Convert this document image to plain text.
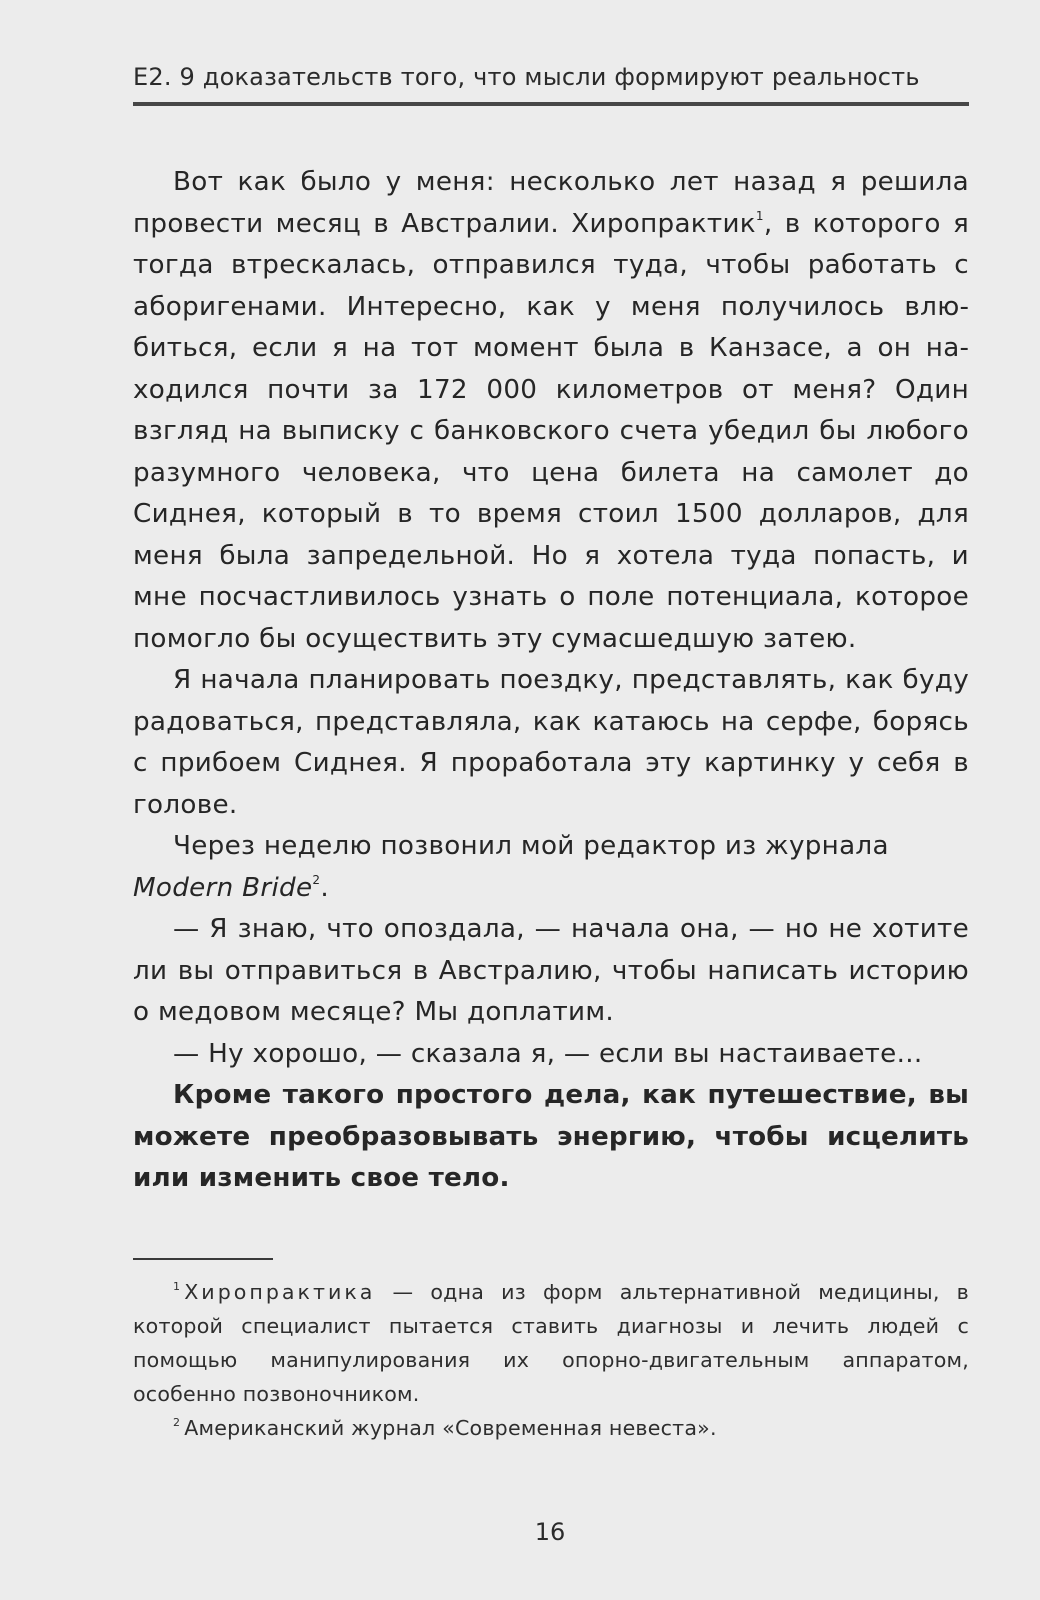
Е2. 9 доказательств того, что мысли формируют реальность

Вот как было у меня: несколько лет назад я решила провести месяц в Австралии. Хиропрактик$^1$, в которого я тогда втрескалась, отправился туда, чтобы работать с аборигенами. Интересно, как у меня получилось влюбиться, если я на тот момент была в Канзасе, а он находился почти за 172 000 километров от меня? Один взгляд на выписку с банковского счета убедил бы любого разумного человека, что цена билета на самолет до Сиднея, который в то время стоил 1500 долларов, для меня была запредельной. Но я хотела туда попасть, и мне посчастливилось узнать о поле потенциала, которое помогло бы осуществить эту сумасшедшую затею.

Я начала планировать поездку, представлять, как буду радоваться, представляла, как катаюсь на серфе, борясь с прибоем Сиднея. Я проработала эту картинку у себя в голове.

Через неделю позвонил мой редактор из журнала

Modern Bride$^2$.

— Я знаю, что опоздала, — начала она, — но не хотите ли вы отправиться в Австралию, чтобы написать историю о медовом месяце? Мы доплатим.

— Ну хорошо, — сказала я, — если вы настаиваете...

Кроме такого простого дела, как путешествие, вы можете преобразовывать энергию, чтобы исцелить или изменить свое тело.

$^1$ Хиропрактика — одна из форм альтернативной медицины, в которой специалист пытается ставить диагнозы и лечить людей с помощью манипулирования их опорно-двигательным аппаратом, особенно позвоночником.

$^2$ Американский журнал «Современная невеста».

16
